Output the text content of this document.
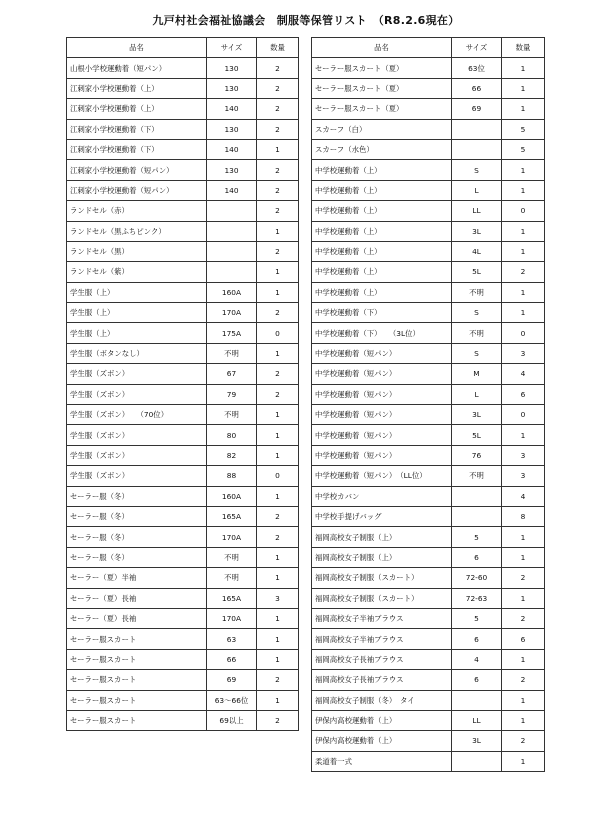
九戸村社会福祉協議会　制服等保管リスト　（R8.2.6現在）
品名	サイズ	数量
山根小学校運動着（短パン）	130	2
江刺家小学校運動着（上）	130	2
江刺家小学校運動着（上）	140	2
江刺家小学校運動着（下）	130	2
江刺家小学校運動着（下）	140	1
江刺家小学校運動着（短パン）	130	2
江刺家小学校運動着（短パン）	140	2
ランドセル（赤）		2
ランドセル（黒ふちピンク）		1
ランドセル（黒）		2
ランドセル（紫）		1
学生服（上）	160A	1
学生服（上）	170A	2
学生服（上）	175A	0
学生服（ボタンなし）	不明	1
学生服（ズボン）	67	2
学生服（ズボン）	79	2
学生服（ズボン）　　（70位）	不明	1
学生服（ズボン）	80	1
学生服（ズボン）	82	1
学生服（ズボン）	88	0
セーラー服（冬）	160A	1
セーラー服（冬）	165A	2
セーラー服（冬）	170A	2
セーラー服（冬）	不明	1
セーラー（夏）半袖	不明	1
セーラー（夏）長袖	165A	3
セーラー（夏）長袖	170A	1
セーラー服スカート	63	1
セーラー服スカート	66	1
セーラー服スカート	69	2
セーラー服スカート	63～66位	1
セーラー服スカート	69以上	2
品名	サイズ	数量
セーラー服スカート（夏）	63位	1
セーラー服スカート（夏）	66	1
セーラー服スカート（夏）	69	1
スカーフ（白）		5
スカーフ（水色）		5
中学校運動着（上）	S	1
中学校運動着（上）	L	1
中学校運動着（上）	LL	0
中学校運動着（上）	3L	1
中学校運動着（上）	4L	1
中学校運動着（上）	5L	2
中学校運動着（上）	不明	1
中学校運動着（下）	S	1
中学校運動着（下）　　（3L位）	不明	0
中学校運動着（短パン）	S	3
中学校運動着（短パン）	M	4
中学校運動着（短パン）	L	6
中学校運動着（短パン）	3L	0
中学校運動着（短パン）	5L	1
中学校運動着（短パン）	76	3
中学校運動着（短パン）　（LL位）	不明	3
中学校カバン		4
中学校手提げバッグ		8
福岡高校女子制服（上）	5	1
福岡高校女子制服（上）	6	1
福岡高校女子制服（スカート）	72-60	2
福岡高校女子制服（スカート）	72-63	1
福岡高校女子半袖ブラウス	5	2
福岡高校女子半袖ブラウス	6	6
福岡高校女子長袖ブラウス	4	1
福岡高校女子長袖ブラウス	6	2
福岡高校女子制服（冬）　タイ		1
伊保内高校運動着（上）	LL	1
伊保内高校運動着（上）	3L	2
柔道着一式		1
